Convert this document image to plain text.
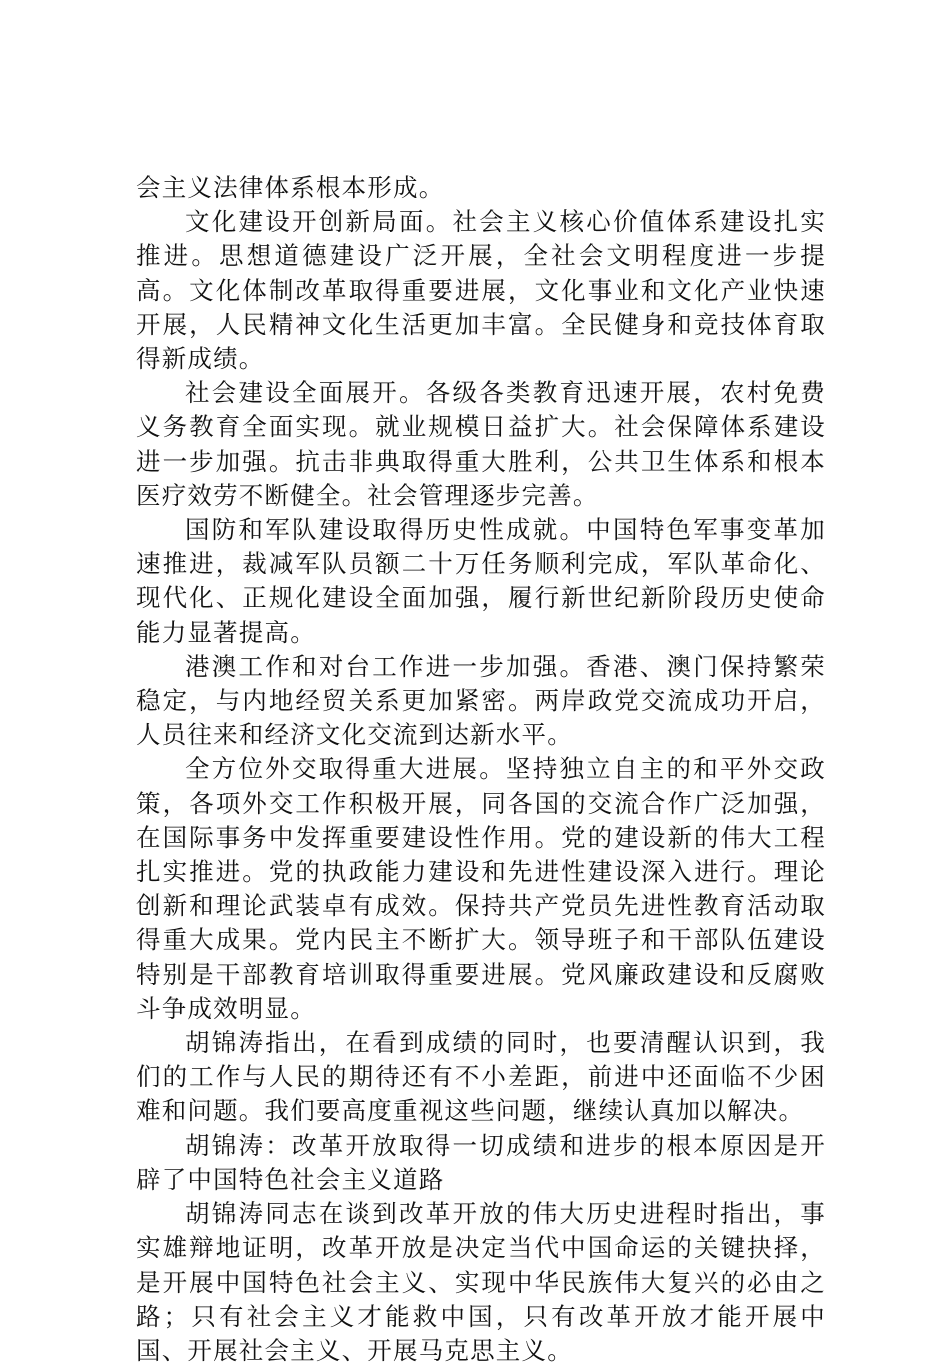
会主义法律体系根本形成。

文化建设开创新局面。社会主义核心价值体系建设扎实推进。思想道德建设广泛开展，全社会文明程度进一步提高。文化体制改革取得重要进展，文化事业和文化产业快速开展，人民精神文化生活更加丰富。全民健身和竞技体育取得新成绩。

社会建设全面展开。各级各类教育迅速开展，农村免费义务教育全面实现。就业规模日益扩大。社会保障体系建设进一步加强。抗击非典取得重大胜利，公共卫生体系和根本医疗效劳不断健全。社会管理逐步完善。

国防和军队建设取得历史性成就。中国特色军事变革加速推进，裁减军队员额二十万任务顺利完成，军队革命化、现代化、正规化建设全面加强，履行新世纪新阶段历史使命能力显著提高。

港澳工作和对台工作进一步加强。香港、澳门保持繁荣稳定，与内地经贸关系更加紧密。两岸政党交流成功开启，人员往来和经济文化交流到达新水平。

全方位外交取得重大进展。坚持独立自主的和平外交政策，各项外交工作积极开展，同各国的交流合作广泛加强，在国际事务中发挥重要建设性作用。党的建设新的伟大工程扎实推进。党的执政能力建设和先进性建设深入进行。理论创新和理论武装卓有成效。保持共产党员先进性教育活动取得重大成果。党内民主不断扩大。领导班子和干部队伍建设特别是干部教育培训取得重要进展。党风廉政建设和反腐败斗争成效明显。

胡锦涛指出，在看到成绩的同时，也要清醒认识到，我们的工作与人民的期待还有不小差距，前进中还面临不少困难和问题。我们要高度重视这些问题，继续认真加以解决。

胡锦涛：改革开放取得一切成绩和进步的根本原因是开辟了中国特色社会主义道路

胡锦涛同志在谈到改革开放的伟大历史进程时指出，事实雄辩地证明，改革开放是决定当代中国命运的关键抉择，是开展中国特色社会主义、实现中华民族伟大复兴的必由之路；只有社会主义才能救中国，只有改革开放才能开展中国、开展社会主义、开展马克思主义。
